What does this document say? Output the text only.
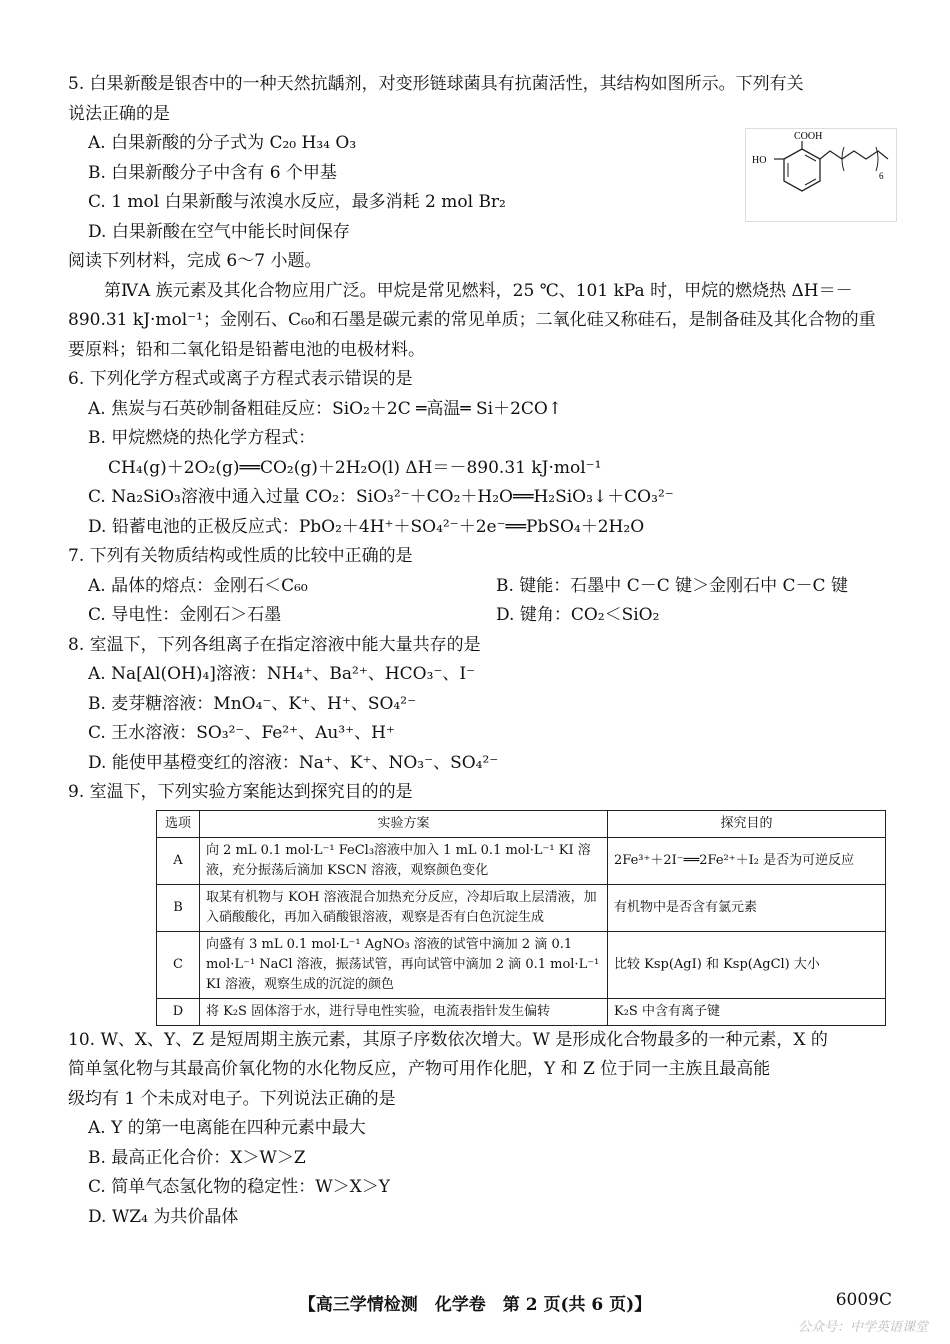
5. 白果新酸是银杏中的一种天然抗龋剂，对变形链球菌具有抗菌活性，其结构如图所示。下列有关
说法正确的是
A. 白果新酸的分子式为 C₂₀ H₃₄ O₃
B. 白果新酸分子中含有 6 个甲基
C. 1 mol 白果新酸与浓溴水反应，最多消耗 2 mol Br₂
D. 白果新酸在空气中能长时间保存
阅读下列材料，完成 6～7 小题。
第ⅣA 族元素及其化合物应用广泛。甲烷是常见燃料，25 ℃、101 kPa 时，甲烷的燃烧热 ΔH＝－890.31 kJ·mol⁻¹；金刚石、C₆₀和石墨是碳元素的常见单质；二氧化硅又称硅石，是制备硅及其化合物的重要原料；铅和二氧化铅是铅蓄电池的电极材料。
6. 下列化学方程式或离子方程式表示错误的是
A. 焦炭与石英砂制备粗硅反应：SiO₂＋2C ═高温═ Si＋2CO↑
B. 甲烷燃烧的热化学方程式：
CH₄(g)＋2O₂(g)══CO₂(g)＋2H₂O(l) ΔH＝－890.31 kJ·mol⁻¹
C. Na₂SiO₃溶液中通入过量 CO₂：SiO₃²⁻＋CO₂＋H₂O══H₂SiO₃↓＋CO₃²⁻
D. 铅蓄电池的正极反应式：PbO₂＋4H⁺＋SO₄²⁻＋2e⁻══PbSO₄＋2H₂O
7. 下列有关物质结构或性质的比较中正确的是
A. 晶体的熔点：金刚石＜C₆₀	B. 键能：石墨中 C－C 键＞金刚石中 C－C 键
C. 导电性：金刚石＞石墨	D. 键角：CO₂＜SiO₂
8. 室温下，下列各组离子在指定溶液中能大量共存的是
A. Na[Al(OH)₄]溶液：NH₄⁺、Ba²⁺、HCO₃⁻、I⁻
B. 麦芽糖溶液：MnO₄⁻、K⁺、H⁺、SO₄²⁻
C. 王水溶液：SO₃²⁻、Fe²⁺、Au³⁺、H⁺
D. 能使甲基橙变红的溶液：Na⁺、K⁺、NO₃⁻、SO₄²⁻
9. 室温下，下列实验方案能达到探究目的的是
选项	实验方案	探究目的
A	向 2 mL 0.1 mol·L⁻¹ FeCl₃溶液中加入 1 mL 0.1 mol·L⁻¹ KI 溶液，充分振荡后滴加 KSCN 溶液，观察颜色变化	2Fe³⁺＋2I⁻══2Fe²⁺＋I₂ 是否为可逆反应
B	取某有机物与 KOH 溶液混合加热充分反应，冷却后取上层清液，加入硝酸酸化，再加入硝酸银溶液，观察是否有白色沉淀生成	有机物中是否含有氯元素
C	向盛有 3 mL 0.1 mol·L⁻¹ AgNO₃ 溶液的试管中滴加 2 滴 0.1 mol·L⁻¹ NaCl 溶液，振荡试管，再向试管中滴加 2 滴 0.1 mol·L⁻¹ KI 溶液，观察生成的沉淀的颜色	比较 Ksp(AgI) 和 Ksp(AgCl) 大小
D	将 K₂S 固体溶于水，进行导电性实验，电流表指针发生偏转	K₂S 中含有离子键
10. W、X、Y、Z 是短周期主族元素，其原子序数依次增大。W 是形成化合物最多的一种元素，X 的
简单氢化物与其最高价氧化物的水化物反应，产物可用作化肥，Y 和 Z 位于同一主族且最高能
级均有 1 个未成对电子。下列说法正确的是
A. Y 的第一电离能在四种元素中最大
B. 最高正化合价：X＞W＞Z
C. 简单气态氢化物的稳定性：W＞X＞Y
D. WZ₄ 为共价晶体
COOH
HO
6
【高三学情检测　化学卷　第 2 页(共 6 页)】	6009C
公众号：中学英语课堂
